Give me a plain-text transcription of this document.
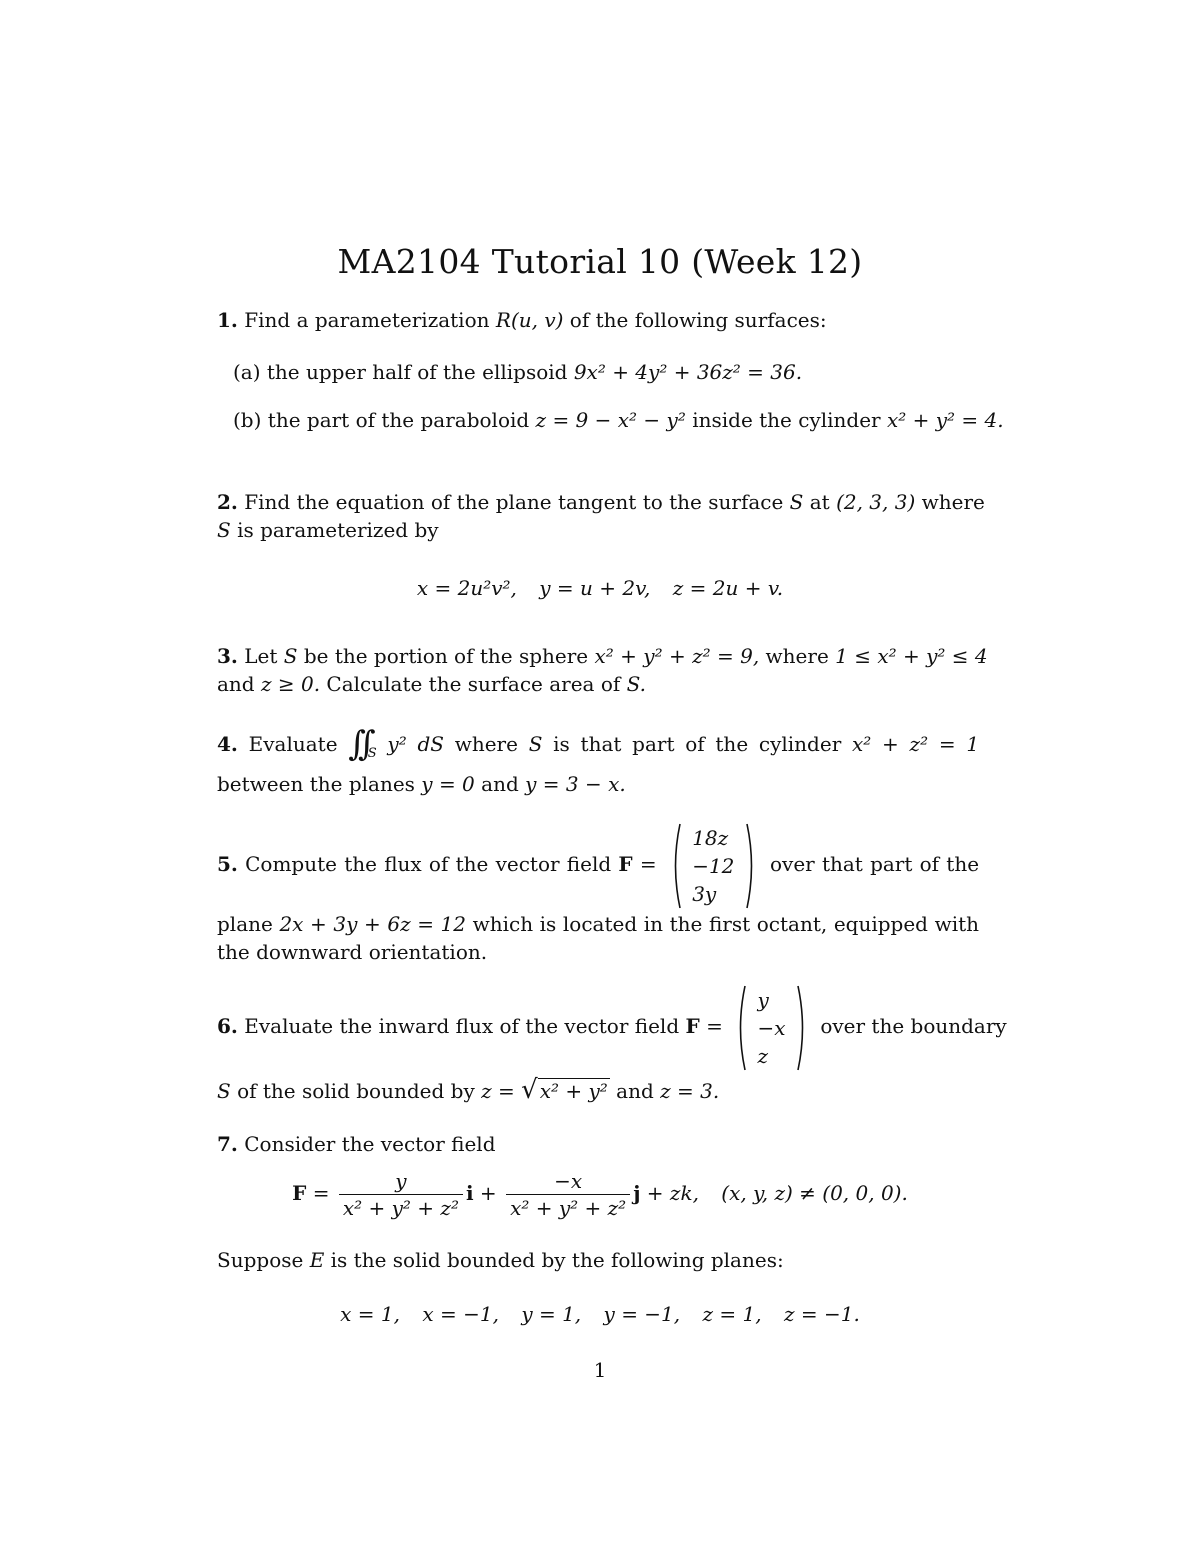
MA2104 Tutorial 10 (Week 12)
1. Find a parameterization R(u, v) of the following surfaces:
(a) the upper half of the ellipsoid 9x² + 4y² + 36z² = 36.
(b) the part of the paraboloid z = 9 − x² − y² inside the cylinder x² + y² = 4.
2. Find the equation of the plane tangent to the surface S at (2, 3, 3) where
S is parameterized by
x = 2u²v², y = u + 2v, z = 2u + v.
3. Let S be the portion of the sphere x² + y² + z² = 9, where 1 ≤ x² + y² ≤ 4
and z ≥ 0. Calculate the surface area of S.
4. Evaluate $\int\int_S$ y² dS where S is that part of the cylinder x² + z² = 1
between the planes y = 0 and y = 3 − x.
5. Compute the flux of the vector field F =
18z
−12
3y
over that part of the
plane 2x + 3y + 6z = 12 which is located in the first octant, equipped with
the downward orientation.
6. Evaluate the inward flux of the vector field F =
y
−x
z
over the boundary
S of the solid bounded by z = √ x² + y² and z = 3.
7. Consider the vector field
$F = \frac{y}{\text{x² + y² + z²}}$ $i + \frac{-x}{\text{x² + y² + z²}}$ j + zk, (x, y, z) ≠ (0, 0, 0).
Suppose E is the solid bounded by the following planes:
x = 1, x = −1, y = 1, y = −1, z = 1, z = −1.
1
